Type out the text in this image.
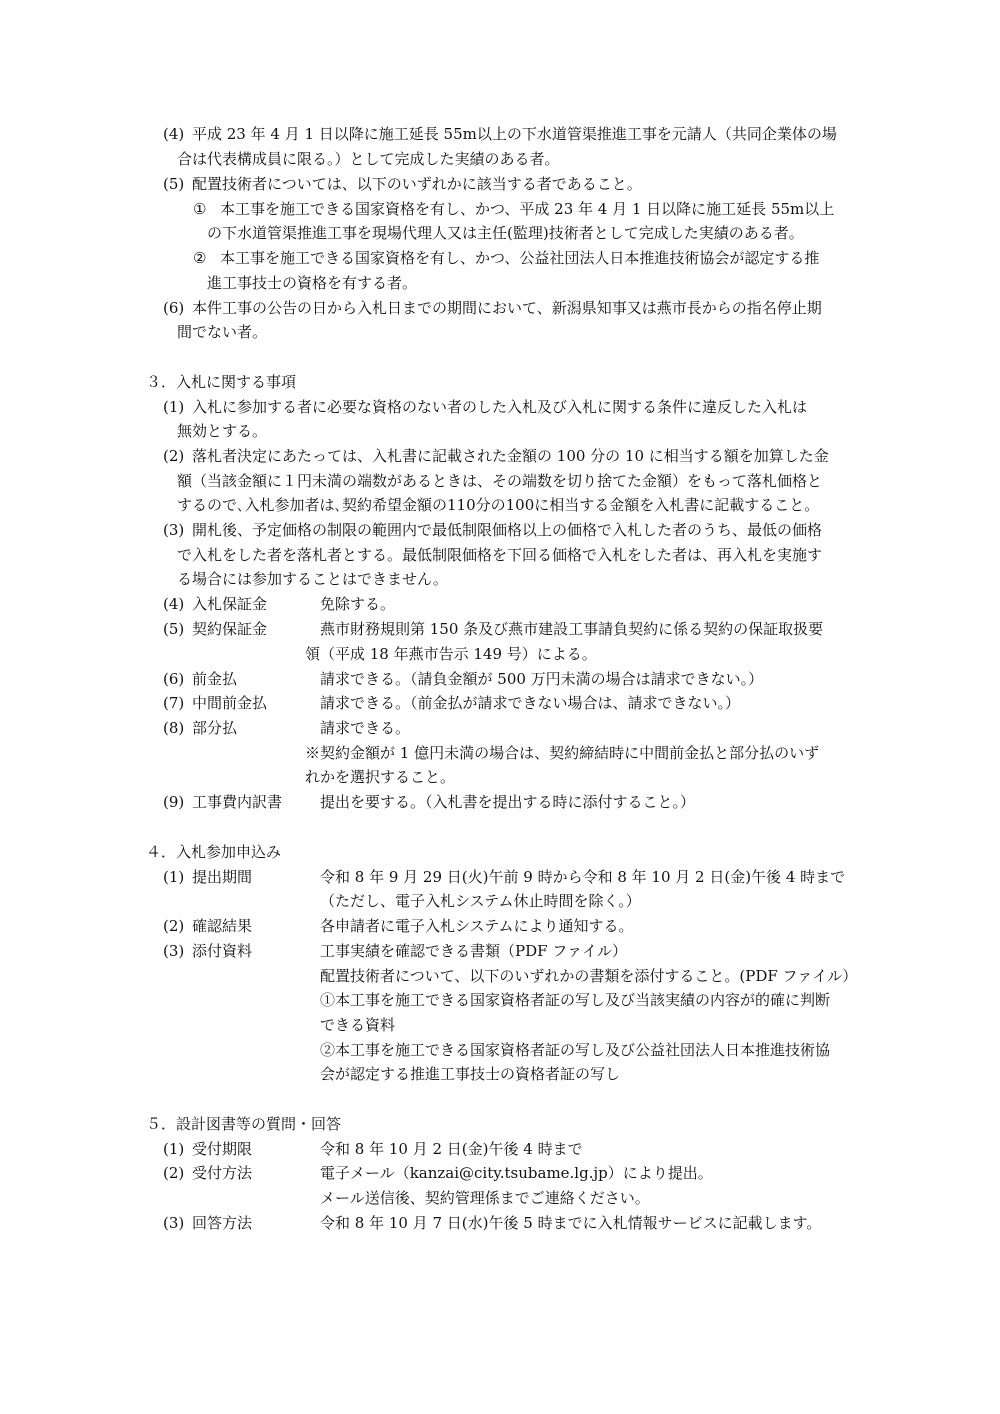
(4) 平成 23 年 4 月 1 日以降に施工延長 55m以上の下水道管渠推進工事を元請人（共同企業体の場
合は代表構成員に限る。）として完成した実績のある者。
(5) 配置技術者については、以下のいずれかに該当する者であること。
① 本工事を施工できる国家資格を有し、かつ、平成 23 年 4 月 1 日以降に施工延長 55m以上
の下水道管渠推進工事を現場代理人又は主任(監理)技術者として完成した実績のある者。
② 本工事を施工できる国家資格を有し、かつ、公益社団法人日本推進技術協会が認定する推
進工事技士の資格を有する者。
(6) 本件工事の公告の日から入札日までの期間において、新潟県知事又は燕市長からの指名停止期
間でない者。
３．入札に関する事項
(1) 入札に参加する者に必要な資格のない者のした入札及び入札に関する条件に違反した入札は
無効とする。
(2) 落札者決定にあたっては、入札書に記載された金額の 100 分の 10 に相当する額を加算した金
額（当該金額に１円未満の端数があるときは、その端数を切り捨てた金額）をもって落札価格と
するので､入札参加者は､契約希望金額の110分の100に相当する金額を入札書に記載すること。
(3) 開札後、予定価格の制限の範囲内で最低制限価格以上の価格で入札した者のうち、最低の価格
で入札をした者を落札者とする。最低制限価格を下回る価格で入札をした者は、再入札を実施す
る場合には参加することはできません。
(4) 入札保証金	免除する。
(5) 契約保証金	燕市財務規則第 150 条及び燕市建設工事請負契約に係る契約の保証取扱要
領（平成 18 年燕市告示 149 号）による。
(6) 前金払	請求できる。（請負金額が 500 万円未満の場合は請求できない。）
(7) 中間前金払	請求できる。（前金払が請求できない場合は、請求できない。）
(8) 部分払	請求できる。
※契約金額が 1 億円未満の場合は、契約締結時に中間前金払と部分払のいず
れかを選択すること。
(9) 工事費内訳書	提出を要する。（入札書を提出する時に添付すること。）
４．入札参加申込み
(1) 提出期間	令和 8 年 9 月 29 日(火)午前 9 時から令和 8 年 10 月 2 日(金)午後 4 時まで
（ただし、電子入札システム休止時間を除く。）
(2) 確認結果	各申請者に電子入札システムにより通知する。
(3) 添付資料	工事実績を確認できる書類（PDF ファイル）
配置技術者について、以下のいずれかの書類を添付すること。(PDF ファイル）
①本工事を施工できる国家資格者証の写し及び当該実績の内容が的確に判断
できる資料
②本工事を施工できる国家資格者証の写し及び公益社団法人日本推進技術協
会が認定する推進工事技士の資格者証の写し
５．設計図書等の質問・回答
(1) 受付期限	令和 8 年 10 月 2 日(金)午後 4 時まで
(2) 受付方法	電子メール（kanzai@city.tsubame.lg.jp）により提出。
メール送信後、契約管理係までご連絡ください。
(3) 回答方法	令和 8 年 10 月 7 日(水)午後 5 時までに入札情報サービスに記載します。
